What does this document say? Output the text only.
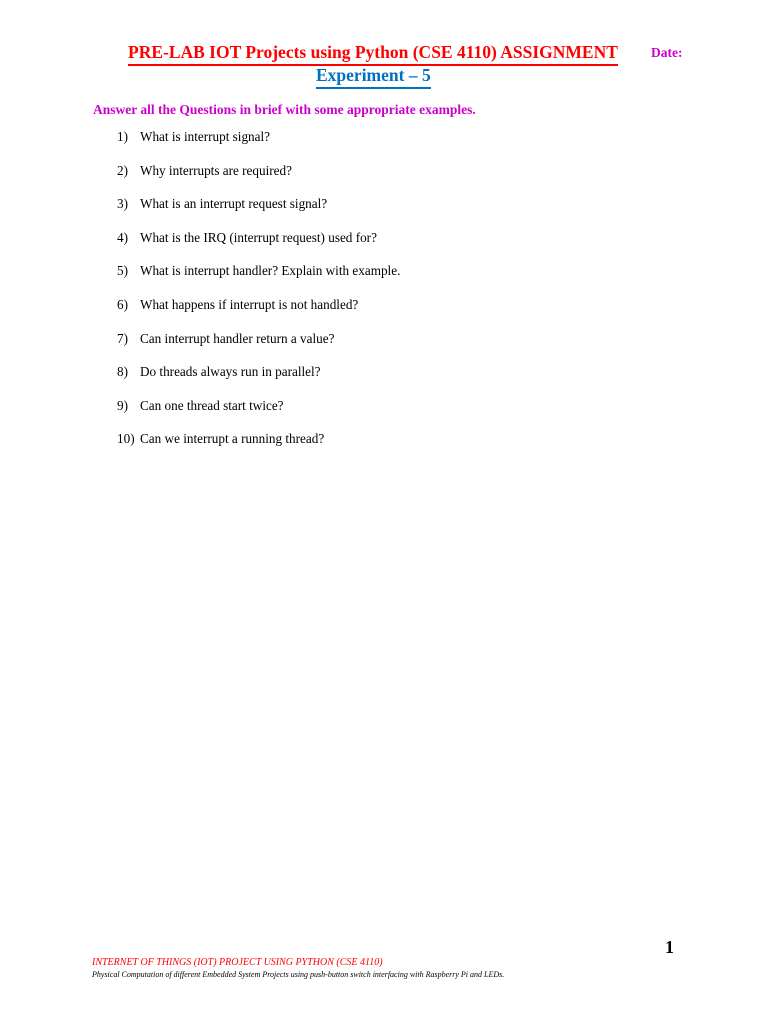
PRE-LAB IOT Projects using Python (CSE 4110) ASSIGNMENT Date:
Experiment – 5
Answer all the Questions in brief with some appropriate examples.
1) What is interrupt signal?
2) Why interrupts are required?
3) What is an interrupt request signal?
4) What is the IRQ (interrupt request) used for?
5) What is interrupt handler? Explain with example.
6) What happens if interrupt is not handled?
7) Can interrupt handler return a value?
8) Do threads always run in parallel?
9) Can one thread start twice?
10) Can we interrupt a running thread?
1
INTERNET OF THINGS (IOT) PROJECT USING PYTHON (CSE 4110)
Physical Computation of different Embedded System Projects using push-button switch interfacing with Raspberry Pi and LEDs.
